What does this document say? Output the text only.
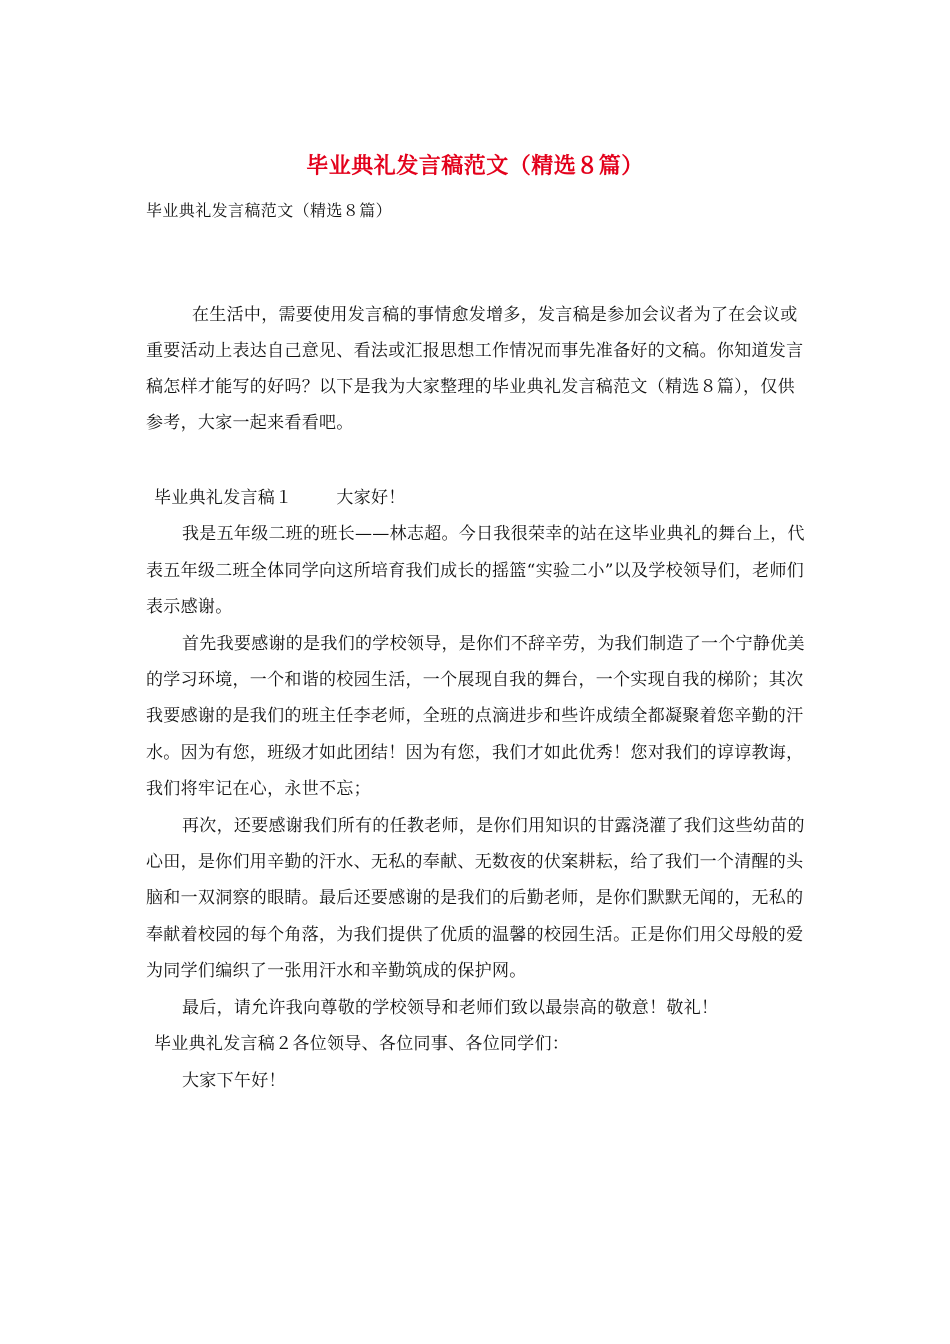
毕业典礼发言稿范文（精选８篇）
毕业典礼发言稿范文（精选８篇）
在生活中，需要使用发言稿的事情愈发增多，发言稿是参加会议者为了在会议或重要活动上表达自己意见、看法或汇报思想工作情况而事先准备好的文稿。你知道发言稿怎样才能写的好吗？以下是我为大家整理的毕业典礼发言稿范文（精选８篇），仅供参考，大家一起来看看吧。

毕业典礼发言稿１	大家好！

我是五年级二班的班长——林志超。今日我很荣幸的站在这毕业典礼的舞台上，代表五年级二班全体同学向这所培育我们成长的摇篮“实验二小”以及学校领导们，老师们表示感谢。

首先我要感谢的是我们的学校领导，是你们不辞辛劳，为我们制造了一个宁静优美的学习环境，一个和谐的校园生活，一个展现自我的舞台，一个实现自我的梯阶；其次我要感谢的是我们的班主任李老师，全班的点滴进步和些许成绩全都凝聚着您辛勤的汗水。因为有您，班级才如此团结！因为有您，我们才如此优秀！您对我们的谆谆教诲，我们将牢记在心，永世不忘；

再次，还要感谢我们所有的任教老师，是你们用知识的甘露浇灌了我们这些幼苗的心田，是你们用辛勤的汗水、无私的奉献、无数夜的伏案耕耘，给了我们一个清醒的头脑和一双洞察的眼睛。最后还要感谢的是我们的后勤老师，是你们默默无闻的，无私的奉献着校园的每个角落，为我们提供了优质的温馨的校园生活。正是你们用父母般的爱为同学们编织了一张用汗水和辛勤筑成的保护网。

最后，请允许我向尊敬的学校领导和老师们致以最崇高的敬意！敬礼！

毕业典礼发言稿２各位领导、各位同事、各位同学们：

大家下午好！
